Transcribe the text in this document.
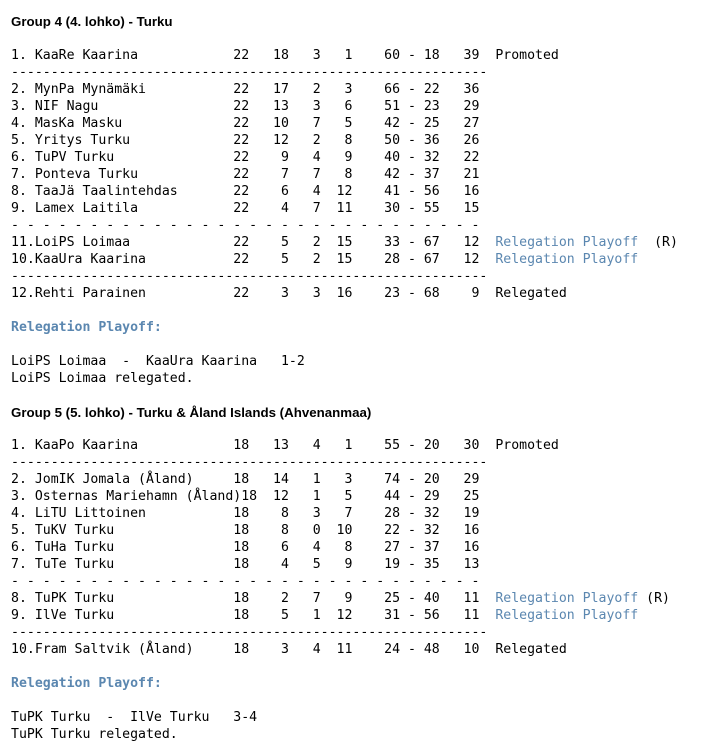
Group 4 (4. lohko) - Turku
1. KaaRe Kaarina            22   18   3   1    60 - 18   39  Promoted
------------------------------------------------------------
2. MynPa Mynämäki           22   17   2   3    66 - 22   36
3. NIF Nagu                 22   13   3   6    51 - 23   29
4. MasKa Masku              22   10   7   5    42 - 25   27
5. Yritys Turku             22   12   2   8    50 - 36   26
6. TuPV Turku               22    9   4   9    40 - 32   22
7. Ponteva Turku            22    7   7   8    42 - 37   21
8. TaaJä Taalintehdas       22    6   4  12    41 - 56   16
9. Lamex Laitila            22    4   7  11    30 - 55   15
- - - - - - - - - - - - - - - - - - - - - - - - - - - - - -
11.LoiPS Loimaa             22    5   2  15    33 - 67   12  Relegation Playoff  (R)
10.KaaUra Kaarina           22    5   2  15    28 - 67   12  Relegation Playoff
------------------------------------------------------------
12.Rehti Parainen           22    3   3  16    23 - 68    9  Relegated
Relegation Playoff:
LoiPS Loimaa  -  KaaUra Kaarina   1-2
LoiPS Loimaa relegated.
Group 5 (5. lohko) - Turku & Åland Islands (Ahvenanmaa)
1. KaaPo Kaarina            18   13   4   1    55 - 20   30  Promoted
------------------------------------------------------------
2. JomIK Jomala (Åland)     18   14   1   3    74 - 20   29
3. Osternas Mariehamn (Åland)18  12   1   5    44 - 29   25
4. LiTU Littoinen           18    8   3   7    28 - 32   19
5. TuKV Turku               18    8   0  10    22 - 32   16
6. TuHa Turku               18    6   4   8    27 - 37   16
7. TuTe Turku               18    4   5   9    19 - 35   13
- - - - - - - - - - - - - - - - - - - - - - - - - - - - - -
8. TuPK Turku               18    2   7   9    25 - 40   11  Relegation Playoff (R)
9. IlVe Turku               18    5   1  12    31 - 56   11  Relegation Playoff
------------------------------------------------------------
10.Fram Saltvik (Åland)     18    3   4  11    24 - 48   10  Relegated
Relegation Playoff:
TuPK Turku  -  IlVe Turku   3-4
TuPK Turku relegated.
